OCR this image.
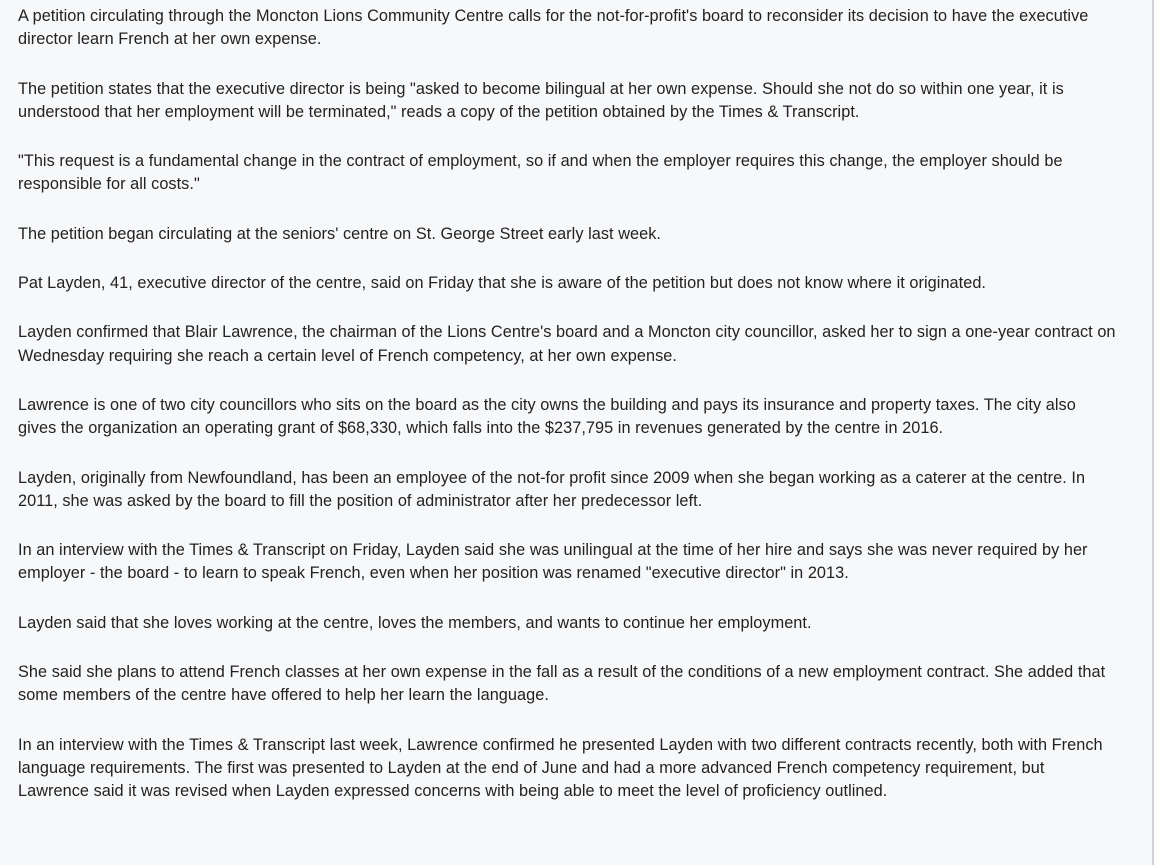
A petition circulating through the Moncton Lions Community Centre calls for the not-for-profit's board to reconsider its decision to have the executive director learn French at her own expense.

The petition states that the executive director is being "asked to become bilingual at her own expense. Should she not do so within one year, it is understood that her employment will be terminated," reads a copy of the petition obtained by the Times & Transcript.

"This request is a fundamental change in the contract of employment, so if and when the employer requires this change, the employer should be responsible for all costs."

The petition began circulating at the seniors' centre on St. George Street early last week.

Pat Layden, 41, executive director of the centre, said on Friday that she is aware of the petition but does not know where it originated.

Layden confirmed that Blair Lawrence, the chairman of the Lions Centre's board and a Moncton city councillor, asked her to sign a one-year contract on Wednesday requiring she reach a certain level of French competency, at her own expense.

Lawrence is one of two city councillors who sits on the board as the city owns the building and pays its insurance and property taxes. The city also gives the organization an operating grant of $68,330, which falls into the $237,795 in revenues generated by the centre in 2016.

Layden, originally from Newfoundland, has been an employee of the not-for profit since 2009 when she began working as a caterer at the centre. In 2011, she was asked by the board to fill the position of administrator after her predecessor left.

In an interview with the Times & Transcript on Friday, Layden said she was unilingual at the time of her hire and says she was never required by her employer - the board - to learn to speak French, even when her position was renamed "executive director" in 2013.

Layden said that she loves working at the centre, loves the members, and wants to continue her employment.

She said she plans to attend French classes at her own expense in the fall as a result of the conditions of a new employment contract. She added that some members of the centre have offered to help her learn the language.

In an interview with the Times & Transcript last week, Lawrence confirmed he presented Layden with two different contracts recently, both with French language requirements. The first was presented to Layden at the end of June and had a more advanced French competency requirement, but Lawrence said it was revised when Layden expressed concerns with being able to meet the level of proficiency outlined.
